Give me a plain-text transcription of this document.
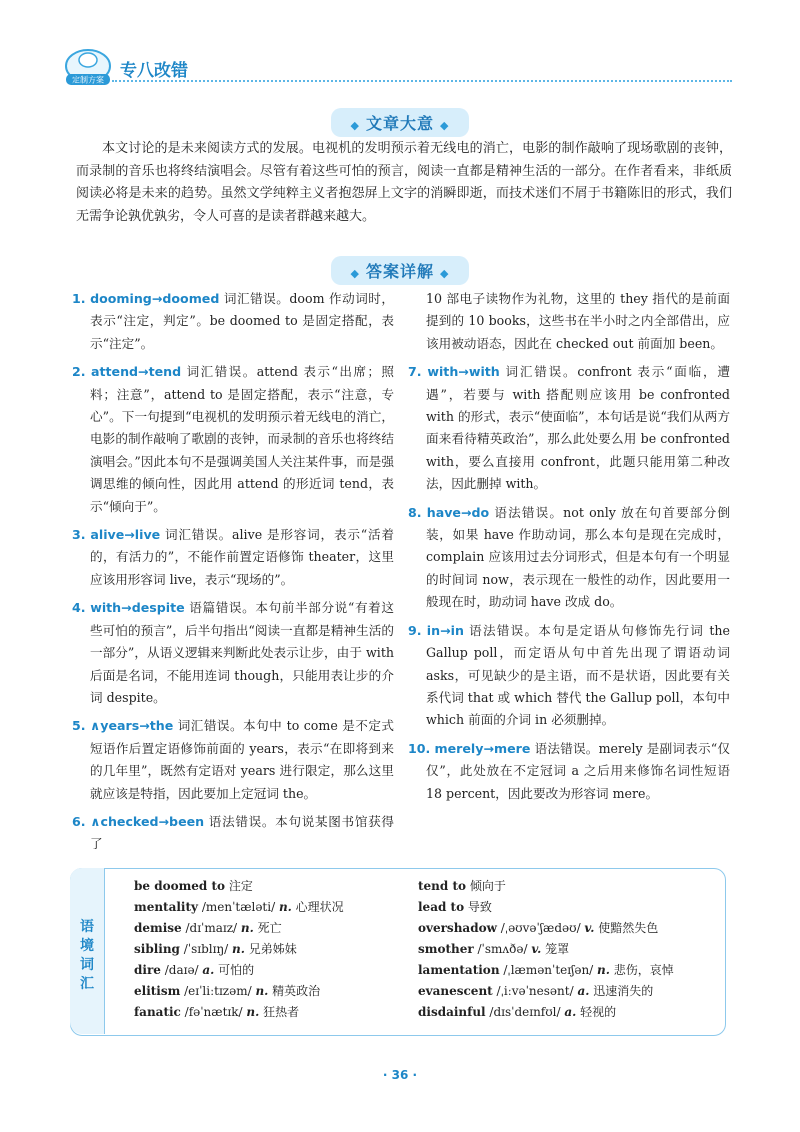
定制方案 专八改错
◆ 文章大意 ◆
本文讨论的是未来阅读方式的发展。电视机的发明预示着无线电的消亡，电影的制作敲响了现场歌剧的丧钟，而录制的音乐也将终结演唱会。尽管有着这些可怕的预言，阅读一直都是精神生活的一部分。在作者看来，非纸质阅读必将是未来的趋势。虽然文学纯粹主义者抱怨屏上文字的消瞬即逝，而技术迷们不屑于书籍陈旧的形式，我们无需争论孰优孰劣，令人可喜的是读者群越来越大。
◆ 答案详解 ◆
1. dooming→doomed 词汇错误。doom 作动词时，表示“注定，判定”。be doomed to 是固定搭配，表示“注定”。
2. attend→tend 词汇错误。attend 表示“出席；照料；注意”，attend to 是固定搭配，表示“注意，专心”。下一句提到“电视机的发明预示着无线电的消亡，电影的制作敲响了歌剧的丧钟，而录制的音乐也将终结演唱会。”因此本句不是强调美国人关注某件事，而是强调思维的倾向性，因此用 attend 的形近词 tend，表示“倾向于”。
3. alive→live 词汇错误。alive 是形容词，表示“活着的，有活力的”，不能作前置定语修饰 theater，这里应该用形容词 live，表示“现场的”。
4. with→despite 语篇错误。本句前半部分说“有着这些可怕的预言”，后半句指出“阅读一直都是精神生活的一部分”，从语义逻辑来判断此处表示让步，由于 with 后面是名词，不能用连词 though，只能用表让步的介词 despite。
5. ∧years→the 词汇错误。本句中 to come 是不定式短语作后置定语修饰前面的 years，表示“在即将到来的几年里”，既然有定语对 years 进行限定，那么这里就应该是特指，因此要加上定冠词 the。
6. ∧checked→been 语法错误。本句说某图书馆获得了
10 部电子读物作为礼物，这里的 they 指代的是前面提到的 10 books，这些书在半小时之内全部借出，应该用被动语态，因此在 checked out 前面加 been。
7. with→with 词汇错误。confront 表示“面临，遭遇”，若要与 with 搭配则应该用 be confronted with 的形式，表示“使面临”，本句话是说“我们从两方面来看待精英政治”，那么此处要么用 be confronted with，要么直接用 confront，此题只能用第二种改法，因此删掉 with。
8. have→do 语法错误。not only 放在句首要部分倒装，如果 have 作助动词，那么本句是现在完成时，complain 应该用过去分词形式，但是本句有一个明显的时间词 now，表示现在一般性的动作，因此要用一般现在时，助动词 have 改成 do。
9. in→in 语法错误。本句是定语从句修饰先行词 the Gallup poll，而定语从句中首先出现了谓语动词 asks，可见缺少的是主语，而不是状语，因此要有关系代词 that 或 which 替代 the Gallup poll，本句中 which 前面的介词 in 必须删掉。
10. merely→mere 语法错误。merely 是副词表示“仅仅”，此处放在不定冠词 a 之后用来修饰名词性短语 18 percent，因此要改为形容词 mere。
语境词汇
be doomed to 注定
mentality /menˈtæləti/ n. 心理状况
demise /dɪˈmaɪz/ n. 死亡
sibling /ˈsɪblɪŋ/ n. 兄弟姊妹
dire /daɪə/ a. 可怕的
elitism /eɪˈliːtɪzəm/ n. 精英政治
fanatic /fəˈnætɪk/ n. 狂热者
tend to 倾向于
lead to 导致
overshadow /ˌəʊvəˈʃædəʊ/ v. 使黯然失色
smother /ˈsmʌðə/ v. 笼罩
lamentation /ˌlæmənˈteɪʃən/ n. 悲伤，哀悼
evanescent /ˌiːvəˈnesənt/ a. 迅速消失的
disdainful /dɪsˈdeɪnfʊl/ a. 轻视的
· 36 ·
